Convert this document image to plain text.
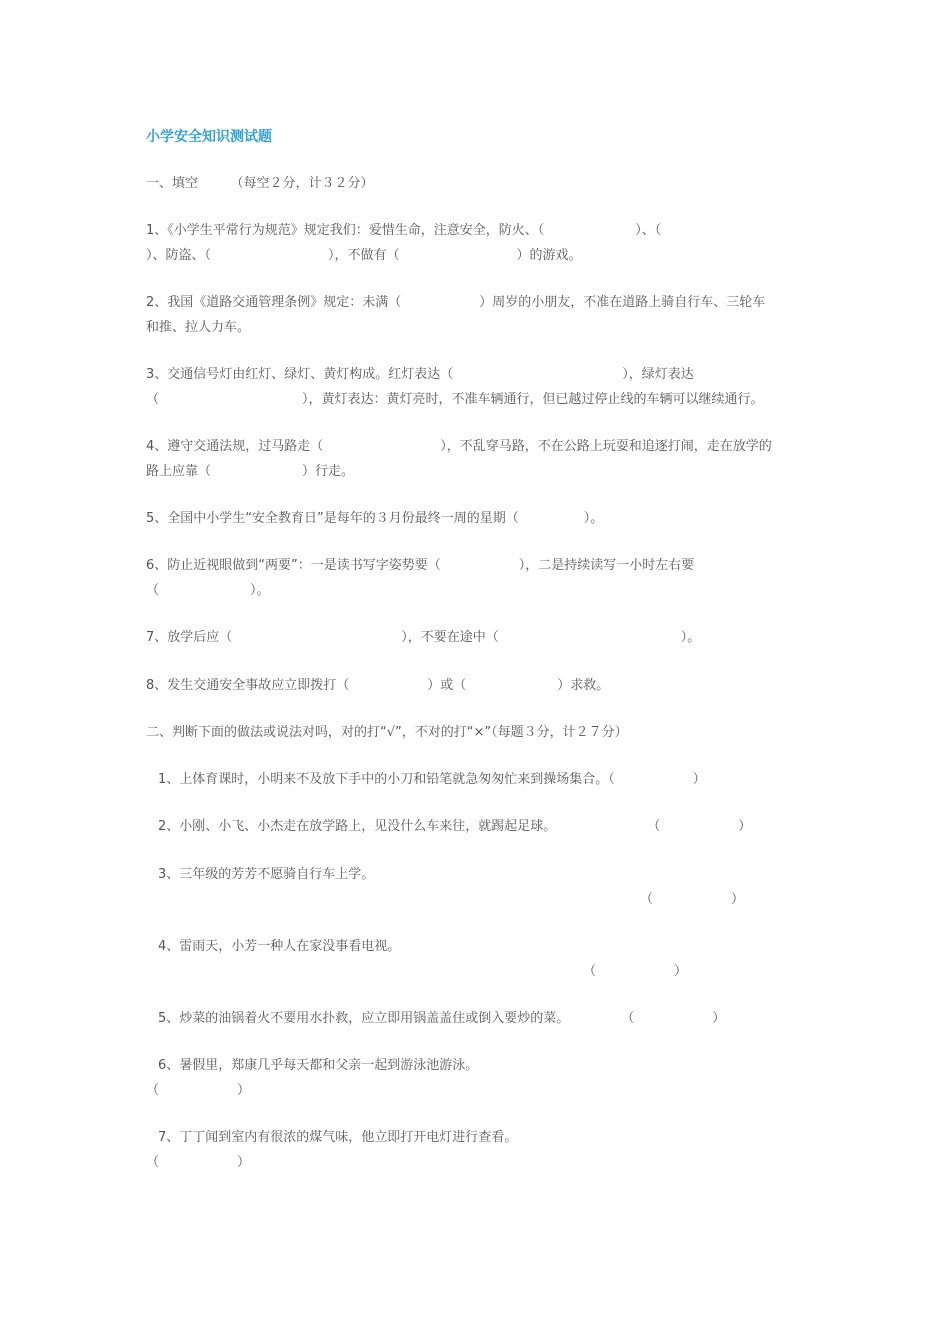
小学安全知识测试题
一、填空　　　（每空２分，计３２分）
1、《小学生平常行为规范》规定我们：爱惜生命，注意安全，防火、（　　　　　　　）、（
）、防盗、（　　　　　　　　　），不做有（　　　　　　　　　）的游戏。
2、我国《道路交通管理条例》规定：未满（　　　　　　）周岁的小朋友，不准在道路上骑自行车、三轮车
和推、拉人力车。
3、交通信号灯由红灯、绿灯、黄灯构成。红灯表达（　　　　　　　　　　　　　），绿灯表达
（　　　　　　　　　　　），黄灯表达：黄灯亮时，不准车辆通行，但已越过停止线的车辆可以继续通行。
4、遵守交通法规，过马路走（　　　　　　　　　），不乱穿马路，不在公路上玩耍和追逐打闹，走在放学的
路上应靠（　　　　　　　）行走。
5、全国中小学生“安全教育日”是每年的３月份最终一周的星期（　　　　　）。
6、防止近视眼做到“两要”：一是读书写字姿势要（　　　　　　），二是持续读写一小时左右要
（　　　　　　　）。
7、放学后应（　　　　　　　　　　　　　），不要在途中（　　　　　　　　　　　　　　）。
8、发生交通安全事故应立即拨打（　　　　　　）或（　　　　　　　）求救。
二、判断下面的做法或说法对吗，对的打“√”，不对的打“×”（每题３分，计２７分）
1、上体育课时，小明来不及放下手中的小刀和铅笔就急匆匆忙来到操场集合。（　　　　　　）
2、小刚、小飞、小杰走在放学路上，见没什么车来往，就踢起足球。　　　　　　　　（　　　　　　）
3、三年级的芳芳不愿骑自行车上学。
（　　　　　　）
4、雷雨天，小芳一种人在家没事看电视。
（　　　　　　）
5、炒菜的油锅着火不要用水扑救，应立即用锅盖盖住或倒入要炒的菜。　　　　　（　　　　　　）
6、暑假里，郑康几乎每天都和父亲一起到游泳池游泳。
（　　　　　　）
7、丁丁闻到室内有很浓的煤气味，他立即打开电灯进行查看。
（　　　　　　）
